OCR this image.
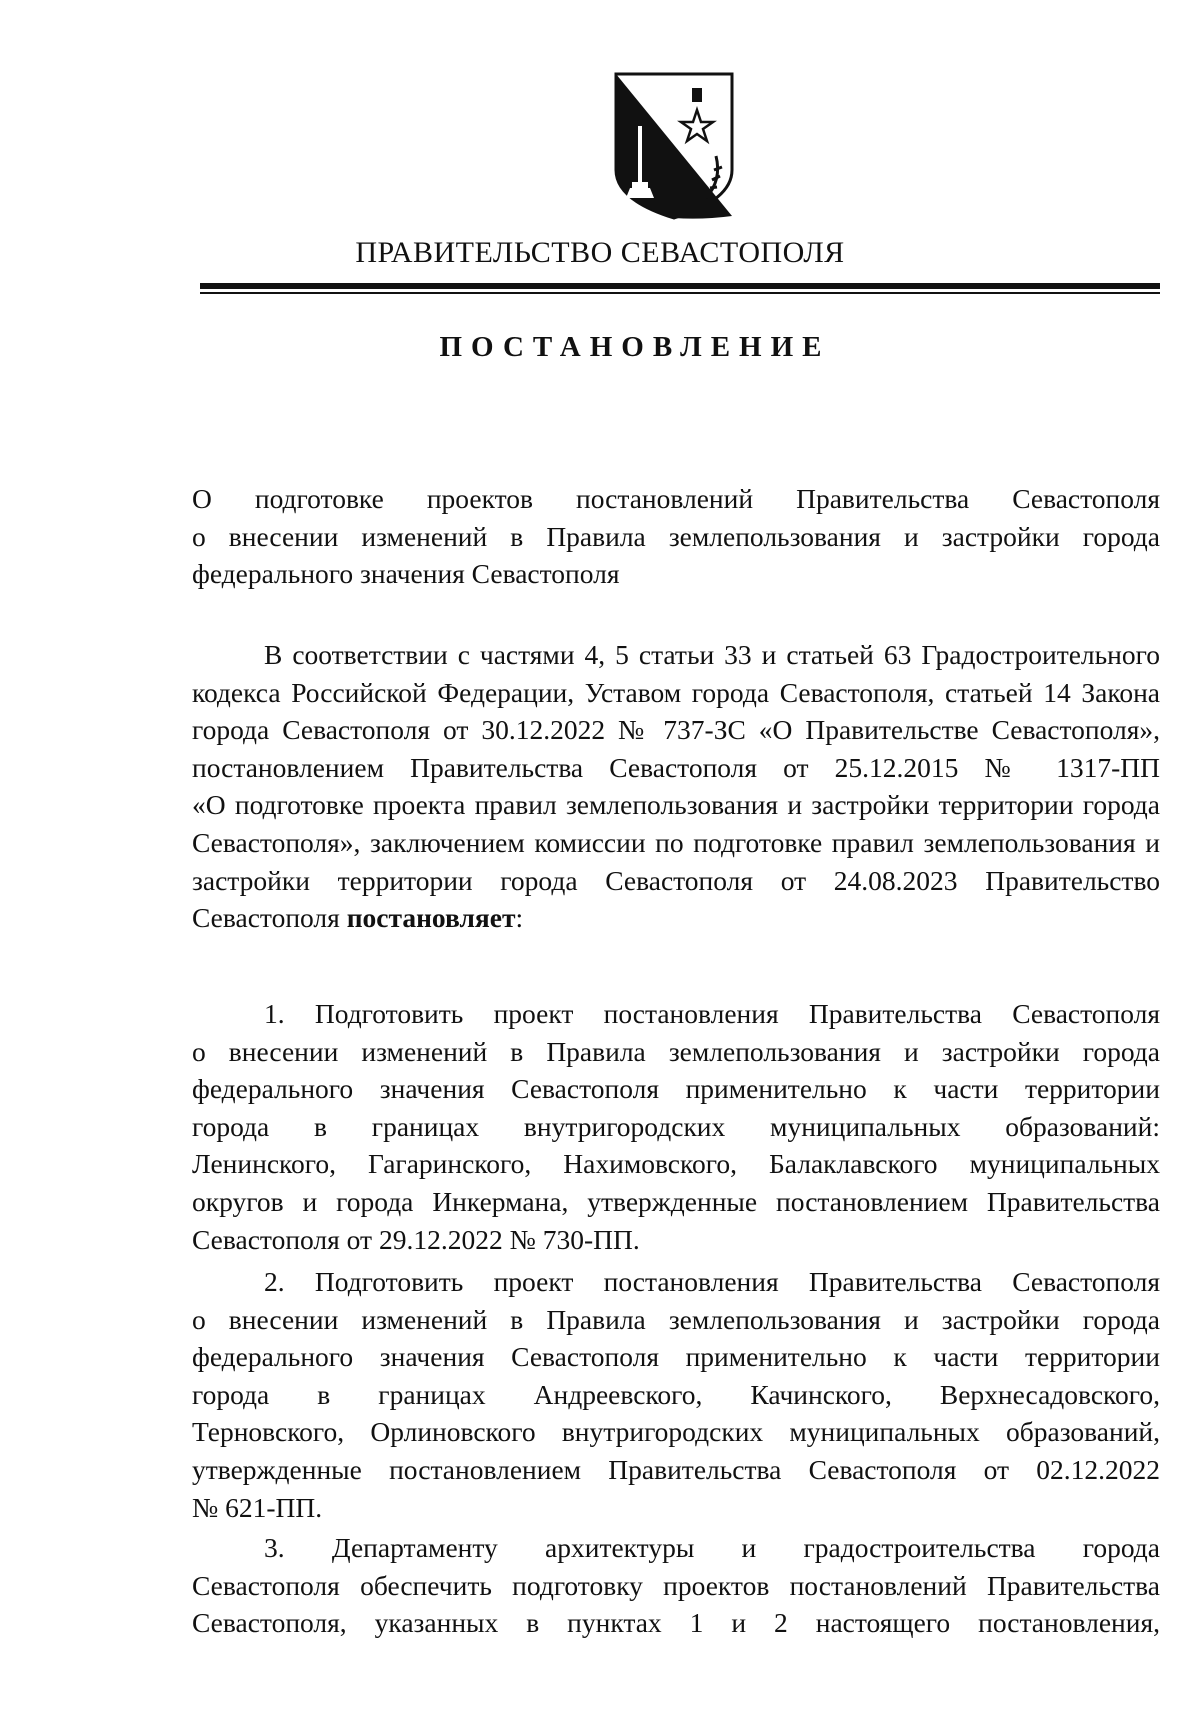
ПРАВИТЕЛЬСТВО СЕВАСТОПОЛЯ
ПОСТАНОВЛЕНИЕ
О подготовке проектов постановлений Правительства Севастополя
о внесении изменений в Правила землепользования и застройки города
федерального значения Севастополя
В соответствии с частями 4, 5 статьи 33 и статьей 63 Градостроительного
кодекса Российской Федерации, Уставом города Севастополя, статьей 14 Закона
города Севастополя от 30.12.2022 № 737-ЗС «О Правительстве Севастополя»,
постановлением Правительства Севастополя от 25.12.2015 № 1317-ПП
«О подготовке проекта правил землепользования и застройки территории города
Севастополя», заключением комиссии по подготовке правил землепользования и
застройки территории города Севастополя от 24.08.2023 Правительство
Севастополя постановляет:
1. Подготовить проект постановления Правительства Севастополя
о внесении изменений в Правила землепользования и застройки города
федерального значения Севастополя применительно к части территории
города в границах внутригородских муниципальных образований:
Ленинского, Гагаринского, Нахимовского, Балаклавского муниципальных
округов и города Инкермана, утвержденные постановлением Правительства
Севастополя от 29.12.2022 № 730-ПП.
2. Подготовить проект постановления Правительства Севастополя
о внесении изменений в Правила землепользования и застройки города
федерального значения Севастополя применительно к части территории
города в границах Андреевского, Качинского, Верхнесадовского,
Терновского, Орлиновского внутригородских муниципальных образований,
утвержденные постановлением Правительства Севастополя от 02.12.2022
№ 621-ПП.
3. Департаменту архитектуры и градостроительства города
Севастополя обеспечить подготовку проектов постановлений Правительства
Севастополя, указанных в пунктах 1 и 2 настоящего постановления,
